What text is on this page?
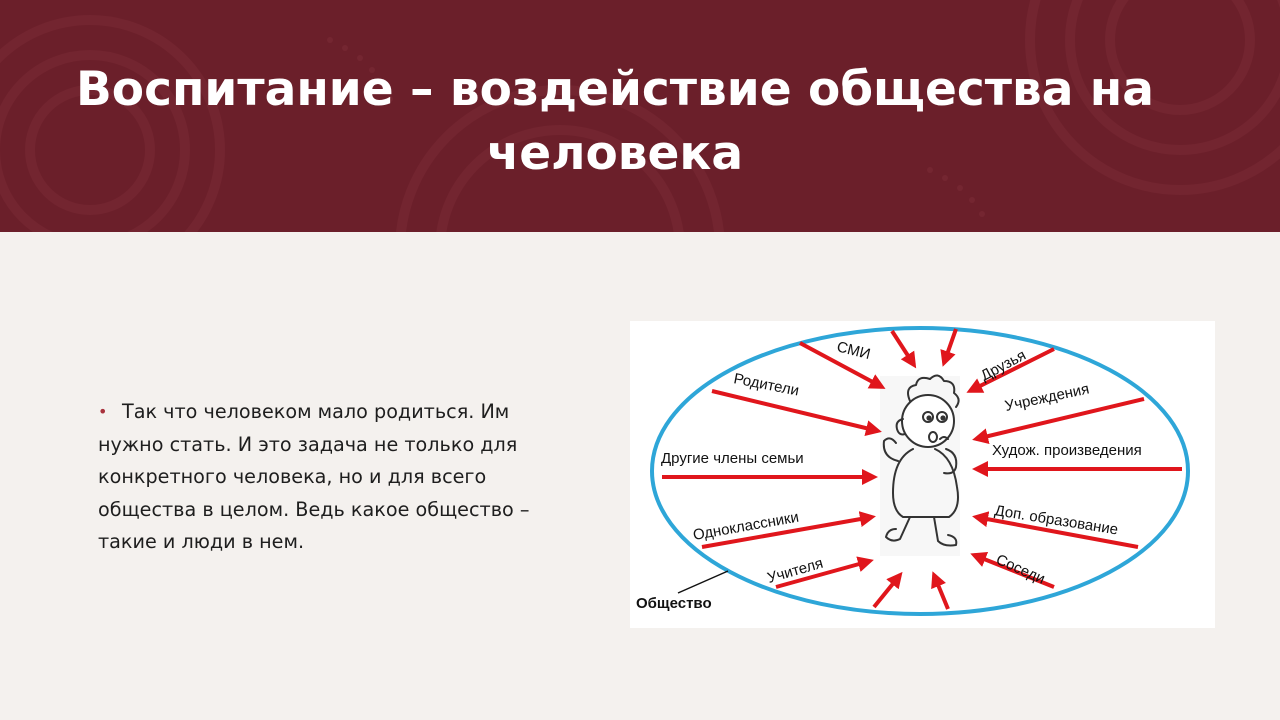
Воспитание – воздействие общества на
человека
• Так что человеком мало родиться. Им нужно стать. И это задача не только для конкретного человека, но и для всего общества в целом. Ведь какое общество – такие и люди в нем.
СМИ	Друзья
Родители	Учреждения
Другие члены семьи	Худож. произведения
Одноклассники	Доп. образование
Учителя	Соседи
Общество
